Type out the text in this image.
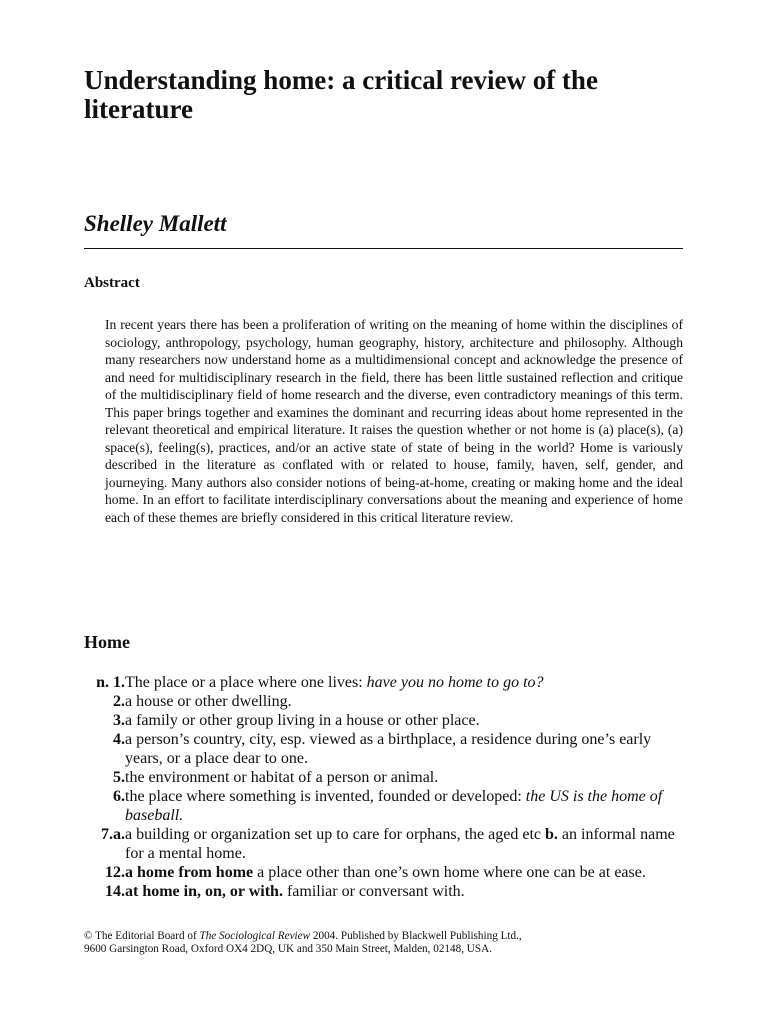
Understanding home: a critical review of the literature

Shelley Mallett

Abstract

In recent years there has been a proliferation of writing on the meaning of home within the disciplines of sociology, anthropology, psychology, human geography, history, architecture and philosophy. Although many researchers now understand home as a multidimensional concept and acknowledge the presence of and need for multidisciplinary research in the field, there has been little sustained reflection and critique of the multidisciplinary field of home research and the diverse, even contradictory meanings of this term. This paper brings together and examines the dominant and recurring ideas about home represented in the relevant theoretical and empirical literature. It raises the question whether or not home is (a) place(s), (a) space(s), feeling(s), practices, and/or an active state of state of being in the world? Home is variously described in the literature as conflated with or related to house, family, haven, self, gender, and journeying. Many authors also consider notions of being-at-home, creating or making home and the ideal home. In an effort to facilitate interdisciplinary conversations about the meaning and experience of home each of these themes are briefly considered in this critical literature review.

Home
n. 1. The place or a place where one lives: have you no home to go to?
2. a house or other dwelling.
3. a family or other group living in a house or other place.
4. a person’s country, city, esp. viewed as a birthplace, a residence during one’s early years, or a place dear to one.
5. the environment or habitat of a person or animal.
6. the place where something is invented, founded or developed: the US is the home of baseball.
7.a. a building or organization set up to care for orphans, the aged etc b. an informal name for a mental home.
12. a home from home a place other than one’s own home where one can be at ease.
14. at home in, on, or with. familiar or conversant with.
© The Editorial Board of The Sociological Review 2004. Published by Blackwell Publishing Ltd.,
9600 Garsington Road, Oxford OX4 2DQ, UK and 350 Main Street, Malden, 02148, USA.
